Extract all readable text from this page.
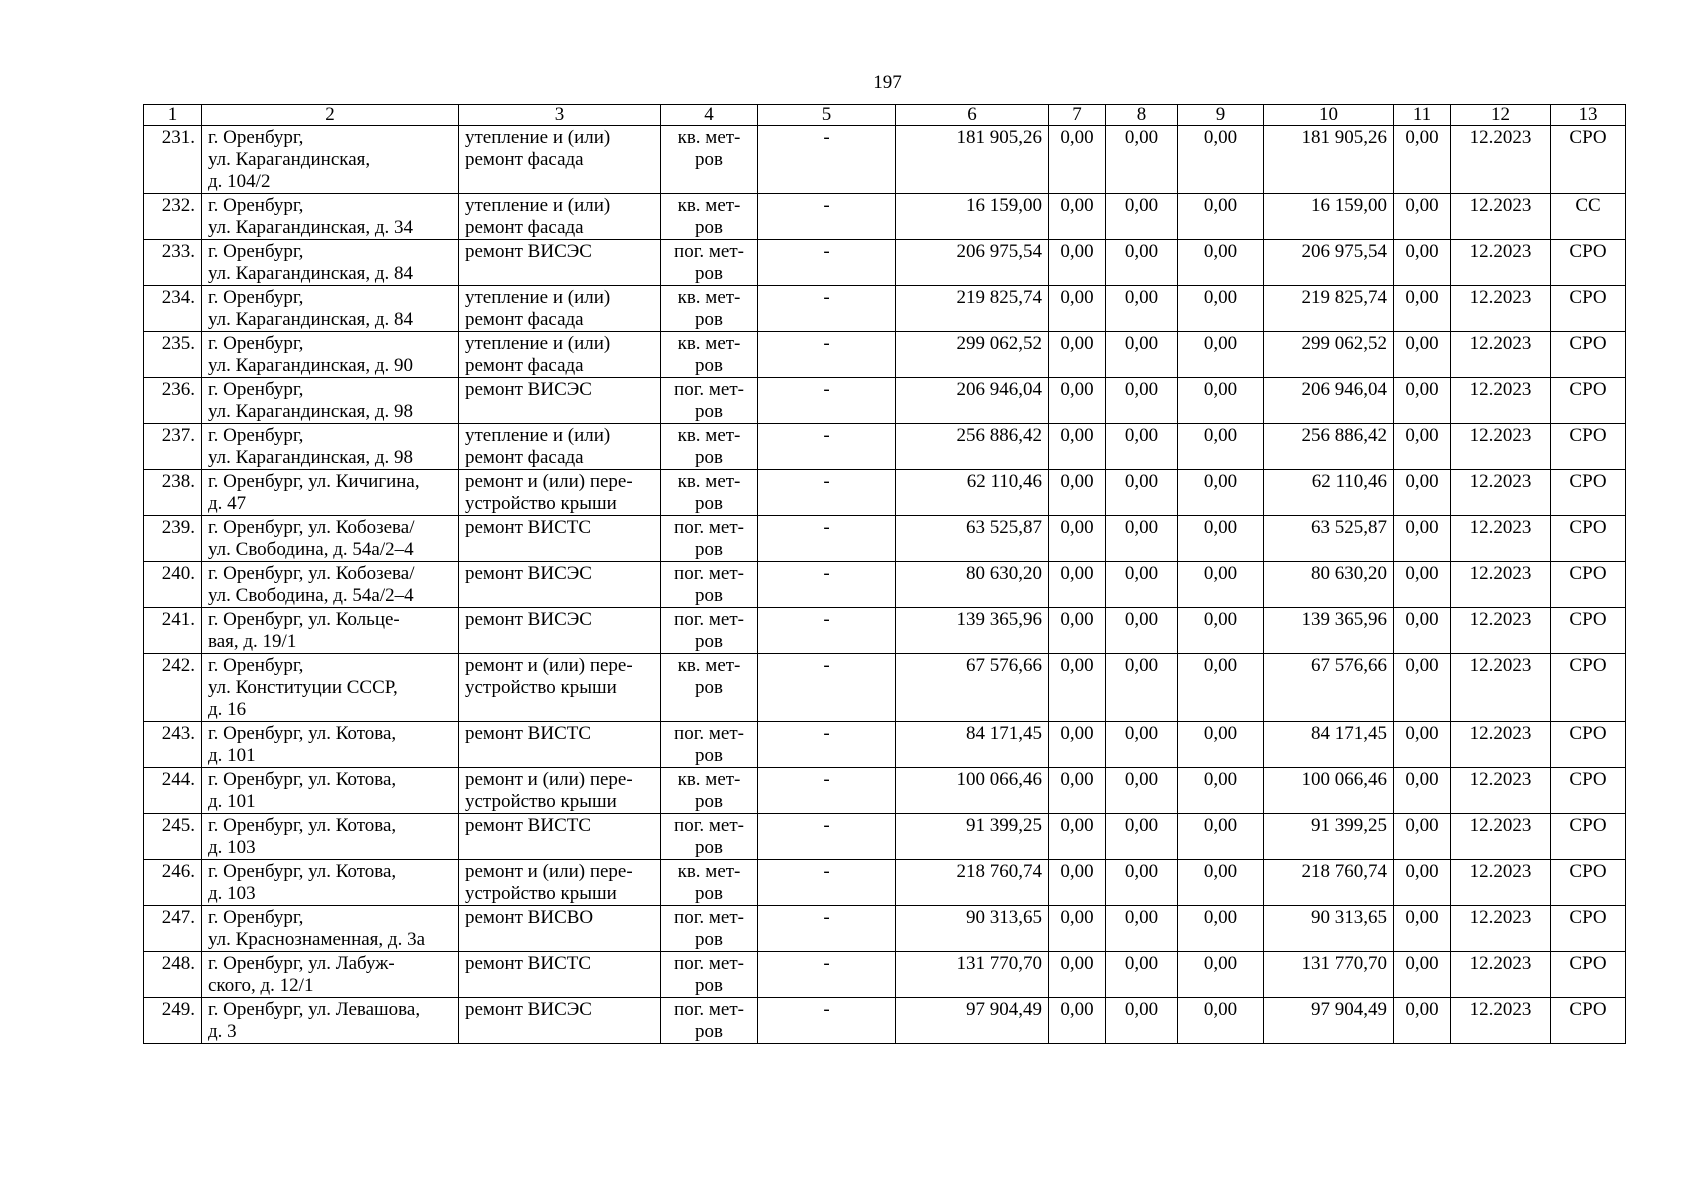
197
1	2	3	4	5	6	7	8	9	10	11	12	13
231.	г. Оренбург,
ул. Карагандинская,
д. 104/2	утепление и (или)
ремонт фасада	кв. мет-
ров	-	181 905,26	0,00	0,00	0,00	181 905,26	0,00	12.2023	СРО
232.	г. Оренбург,
ул. Карагандинская, д. 34	утепление и (или)
ремонт фасада	кв. мет-
ров	-	16 159,00	0,00	0,00	0,00	16 159,00	0,00	12.2023	СС
233.	г. Оренбург,
ул. Карагандинская, д. 84	ремонт ВИСЭС	пог. мет-
ров	-	206 975,54	0,00	0,00	0,00	206 975,54	0,00	12.2023	СРО
234.	г. Оренбург,
ул. Карагандинская, д. 84	утепление и (или)
ремонт фасада	кв. мет-
ров	-	219 825,74	0,00	0,00	0,00	219 825,74	0,00	12.2023	СРО
235.	г. Оренбург,
ул. Карагандинская, д. 90	утепление и (или)
ремонт фасада	кв. мет-
ров	-	299 062,52	0,00	0,00	0,00	299 062,52	0,00	12.2023	СРО
236.	г. Оренбург,
ул. Карагандинская, д. 98	ремонт ВИСЭС	пог. мет-
ров	-	206 946,04	0,00	0,00	0,00	206 946,04	0,00	12.2023	СРО
237.	г. Оренбург,
ул. Карагандинская, д. 98	утепление и (или)
ремонт фасада	кв. мет-
ров	-	256 886,42	0,00	0,00	0,00	256 886,42	0,00	12.2023	СРО
238.	г. Оренбург, ул. Кичигина,
д. 47	ремонт и (или) пере-
устройство крыши	кв. мет-
ров	-	62 110,46	0,00	0,00	0,00	62 110,46	0,00	12.2023	СРО
239.	г. Оренбург, ул. Кобозева/
ул. Свободина, д. 54а/2–4	ремонт ВИСТС	пог. мет-
ров	-	63 525,87	0,00	0,00	0,00	63 525,87	0,00	12.2023	СРО
240.	г. Оренбург, ул. Кобозева/
ул. Свободина, д. 54а/2–4	ремонт ВИСЭС	пог. мет-
ров	-	80 630,20	0,00	0,00	0,00	80 630,20	0,00	12.2023	СРО
241.	г. Оренбург, ул. Кольце-
вая, д. 19/1	ремонт ВИСЭС	пог. мет-
ров	-	139 365,96	0,00	0,00	0,00	139 365,96	0,00	12.2023	СРО
242.	г. Оренбург,
ул. Конституции СССР,
д. 16	ремонт и (или) пере-
устройство крыши	кв. мет-
ров	-	67 576,66	0,00	0,00	0,00	67 576,66	0,00	12.2023	СРО
243.	г. Оренбург, ул. Котова,
д. 101	ремонт ВИСТС	пог. мет-
ров	-	84 171,45	0,00	0,00	0,00	84 171,45	0,00	12.2023	СРО
244.	г. Оренбург, ул. Котова,
д. 101	ремонт и (или) пере-
устройство крыши	кв. мет-
ров	-	100 066,46	0,00	0,00	0,00	100 066,46	0,00	12.2023	СРО
245.	г. Оренбург, ул. Котова,
д. 103	ремонт ВИСТС	пог. мет-
ров	-	91 399,25	0,00	0,00	0,00	91 399,25	0,00	12.2023	СРО
246.	г. Оренбург, ул. Котова,
д. 103	ремонт и (или) пере-
устройство крыши	кв. мет-
ров	-	218 760,74	0,00	0,00	0,00	218 760,74	0,00	12.2023	СРО
247.	г. Оренбург,
ул. Краснознаменная, д. 3а	ремонт ВИСВО	пог. мет-
ров	-	90 313,65	0,00	0,00	0,00	90 313,65	0,00	12.2023	СРО
248.	г. Оренбург, ул. Лабуж-
ского, д. 12/1	ремонт ВИСТС	пог. мет-
ров	-	131 770,70	0,00	0,00	0,00	131 770,70	0,00	12.2023	СРО
249.	г. Оренбург, ул. Левашова,
д. 3	ремонт ВИСЭС	пог. мет-
ров	-	97 904,49	0,00	0,00	0,00	97 904,49	0,00	12.2023	СРО
